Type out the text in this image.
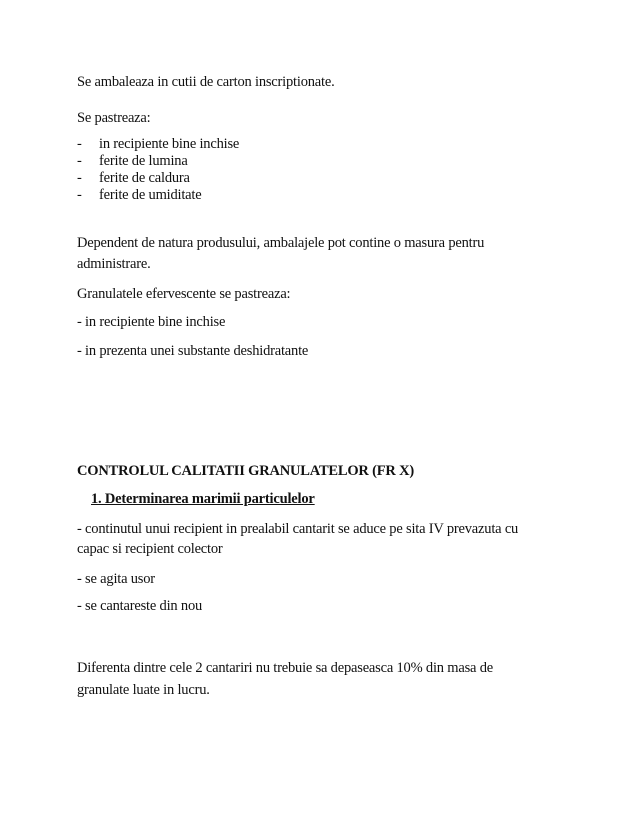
Se ambaleaza in cutii de carton inscriptionate.
Se pastreaza:
- in recipiente bine inchise
- ferite de lumina
- ferite de caldura
- ferite de umiditate
Dependent de natura produsului, ambalajele pot contine o masura pentru
administrare.
Granulatele efervescente se pastreaza:
- in recipiente bine inchise
- in prezenta unei substante deshidratante
CONTROLUL CALITATII GRANULATELOR (FR X)
1. Determinarea marimii particulelor
- continutul unui recipient in prealabil cantarit se aduce pe sita IV prevazuta cu
capac si recipient colector
- se agita usor
- se cantareste din nou
Diferenta dintre cele 2 cantariri nu trebuie sa depaseasca 10% din masa de
granulate luate in lucru.
